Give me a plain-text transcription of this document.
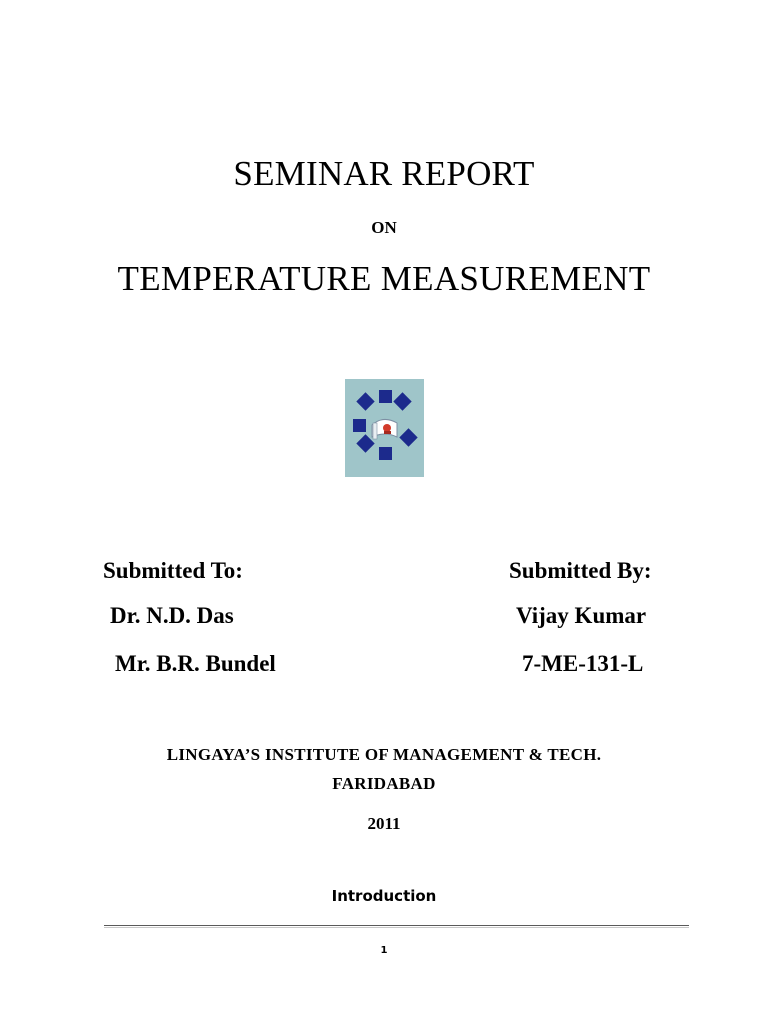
SEMINAR REPORT
ON
TEMPERATURE MEASUREMENT
Submitted To:	Submitted By:
Dr. N.D. Das
Mr. B.R. Bundel
Vijay Kumar
7-ME-131-L
LINGAYA’S INSTITUTE OF MANAGEMENT & TECH.
FARIDABAD
2011
Introduction
1
